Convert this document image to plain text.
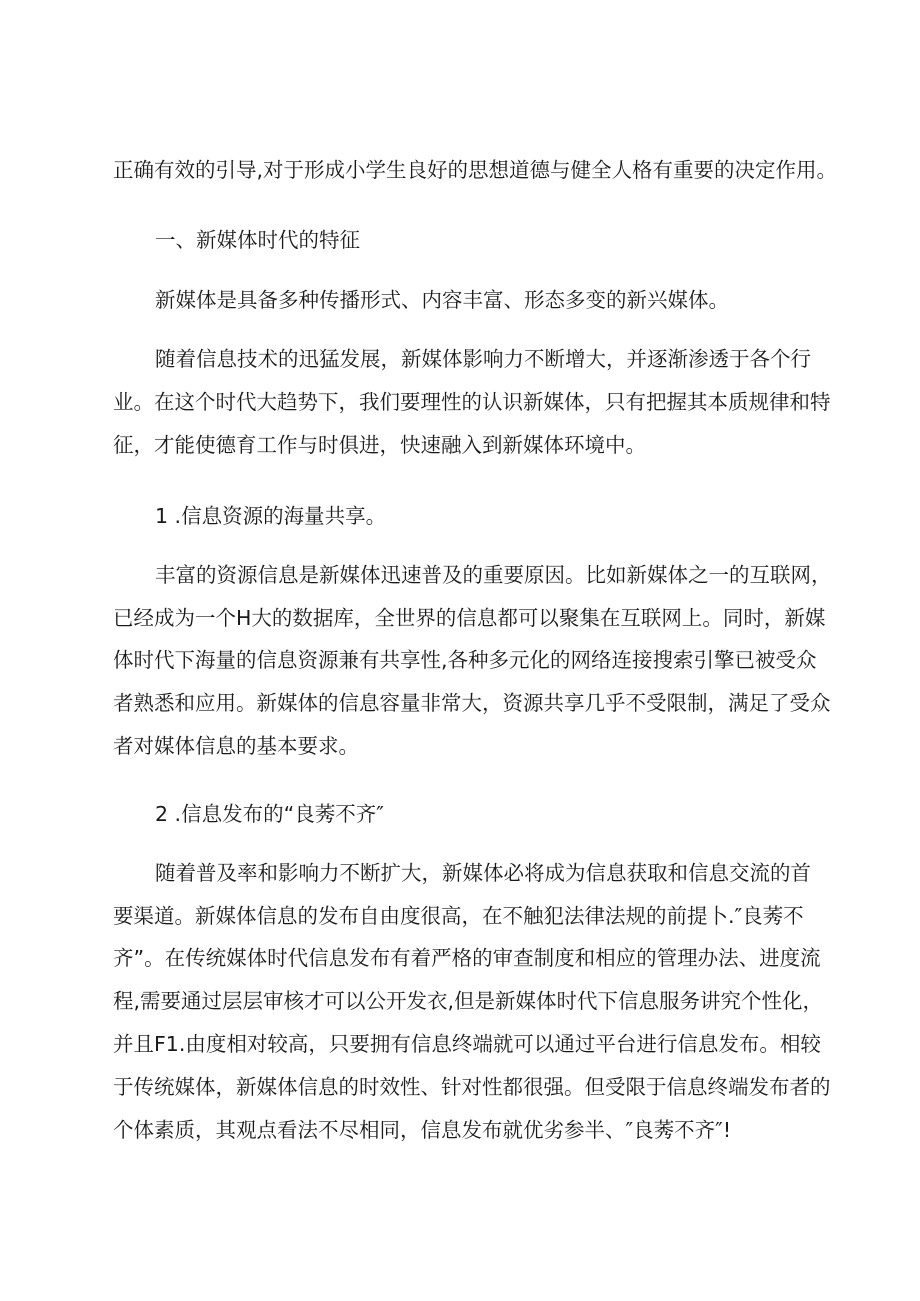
正确有效的引导,对于形成小学生良好的思想道德与健全人格有重要的决定作用。
一、新媒体时代的特征
新媒体是具备多种传播形式、内容丰富、形态多变的新兴媒体。
随着信息技术的迅猛发展，新媒体影响力不断增大，并逐渐渗透于各个行
业。在这个时代大趋势下，我们要理性的认识新媒体，只有把握其本质规律和特
征，才能使德育工作与时俱进，快速融入到新媒体环境中。
1 .信息资源的海量共享。
丰富的资源信息是新媒体迅速普及的重要原因。比如新媒体之一的互联网，
已经成为一个H大的数据库，全世界的信息都可以聚集在互联网上。同时，新媒
体时代下海量的信息资源兼有共享性,各种多元化的网络连接搜索引擎已被受众
者熟悉和应用。新媒体的信息容量非常大，资源共享几乎不受限制，满足了受众
者对媒体信息的基本要求。
2 .信息发布的“良莠不齐″
随着普及率和影响力不断扩大，新媒体必将成为信息获取和信息交流的首
要渠道。新媒体信息的发布自由度很高，在不触犯法律法规的前提卜.″良莠不
齐”。在传统媒体时代信息发布有着严格的审查制度和相应的管理办法、进度流
程,需要通过层层审核才可以公开发衣,但是新媒体时代下信息服务讲究个性化，
并且F1.由度相对较高，只要拥有信息终端就可以通过平台进行信息发布。相较
于传统媒体，新媒体信息的时效性、针对性都很强。但受限于信息终端发布者的
个体素质，其观点看法不尽相同，信息发布就优劣参半、″良莠不齐″!
